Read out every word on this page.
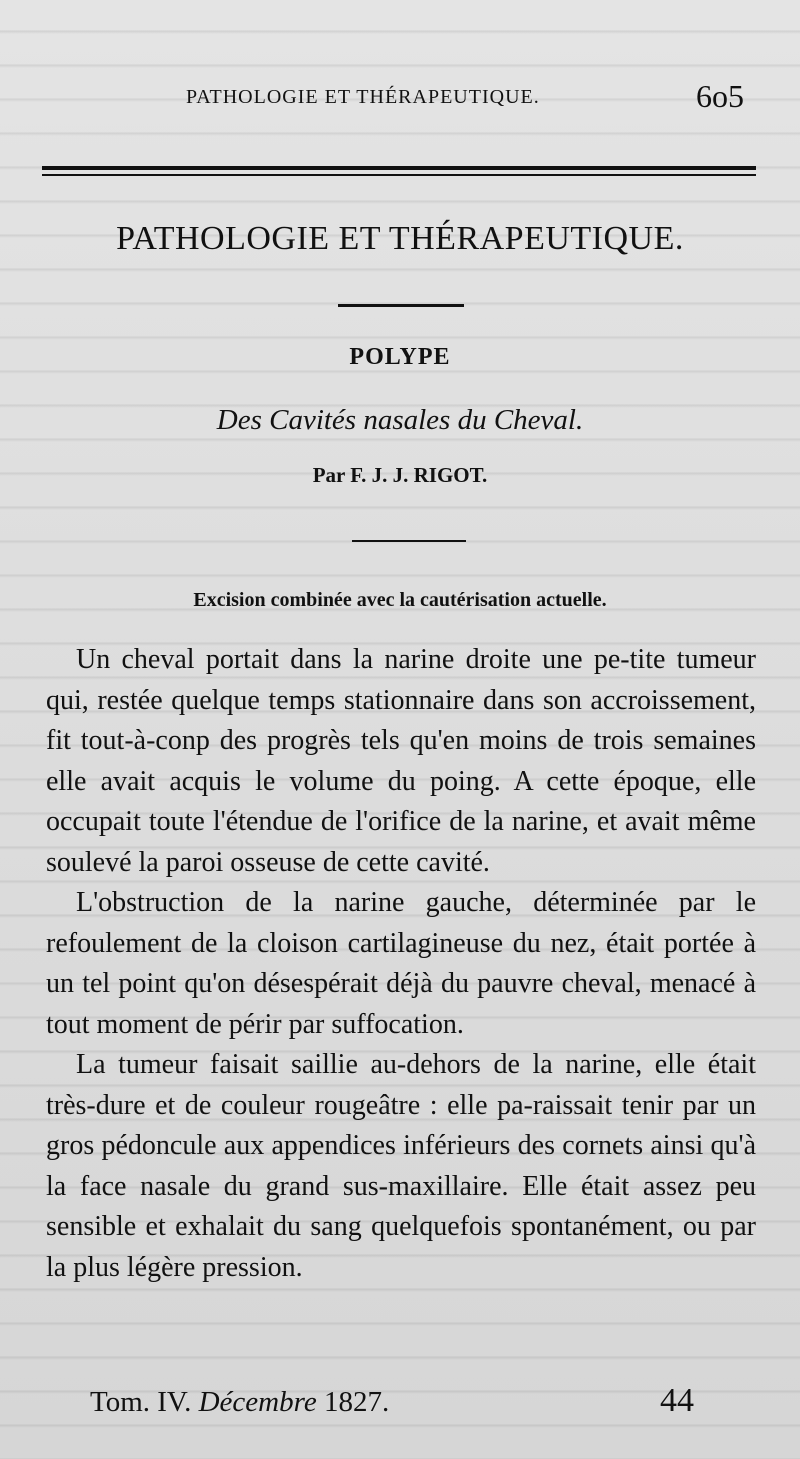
PATHOLOGIE ET THÉRAPEUTIQUE.	6o5
PATHOLOGIE ET THÉRAPEUTIQUE.
POLYPE
Des Cavités nasales du Cheval.
Par F. J. J. RIGOT.
Excision combinée avec la cautérisation actuelle.

Un cheval portait dans la narine droite une pe-tite tumeur qui, restée quelque temps stationnaire dans son accroissement, fit tout-à-conp des progrès tels qu'en moins de trois semaines elle avait acquis le volume du poing. A cette époque, elle occupait toute l'étendue de l'orifice de la narine, et avait même soulevé la paroi osseuse de cette cavité.

L'obstruction de la narine gauche, déterminée par le refoulement de la cloison cartilagineuse du nez, était portée à un tel point qu'on désespérait déjà du pauvre cheval, menacé à tout moment de périr par suffocation.

La tumeur faisait saillie au-dehors de la narine, elle était très-dure et de couleur rougeâtre : elle pa-raissait tenir par un gros pédoncule aux appendices inférieurs des cornets ainsi qu'à la face nasale du grand sus-maxillaire. Elle était assez peu sensible et exhalait du sang quelquefois spontanément, ou par la plus légère pression.

Tom. IV. Décembre 1827.	44
